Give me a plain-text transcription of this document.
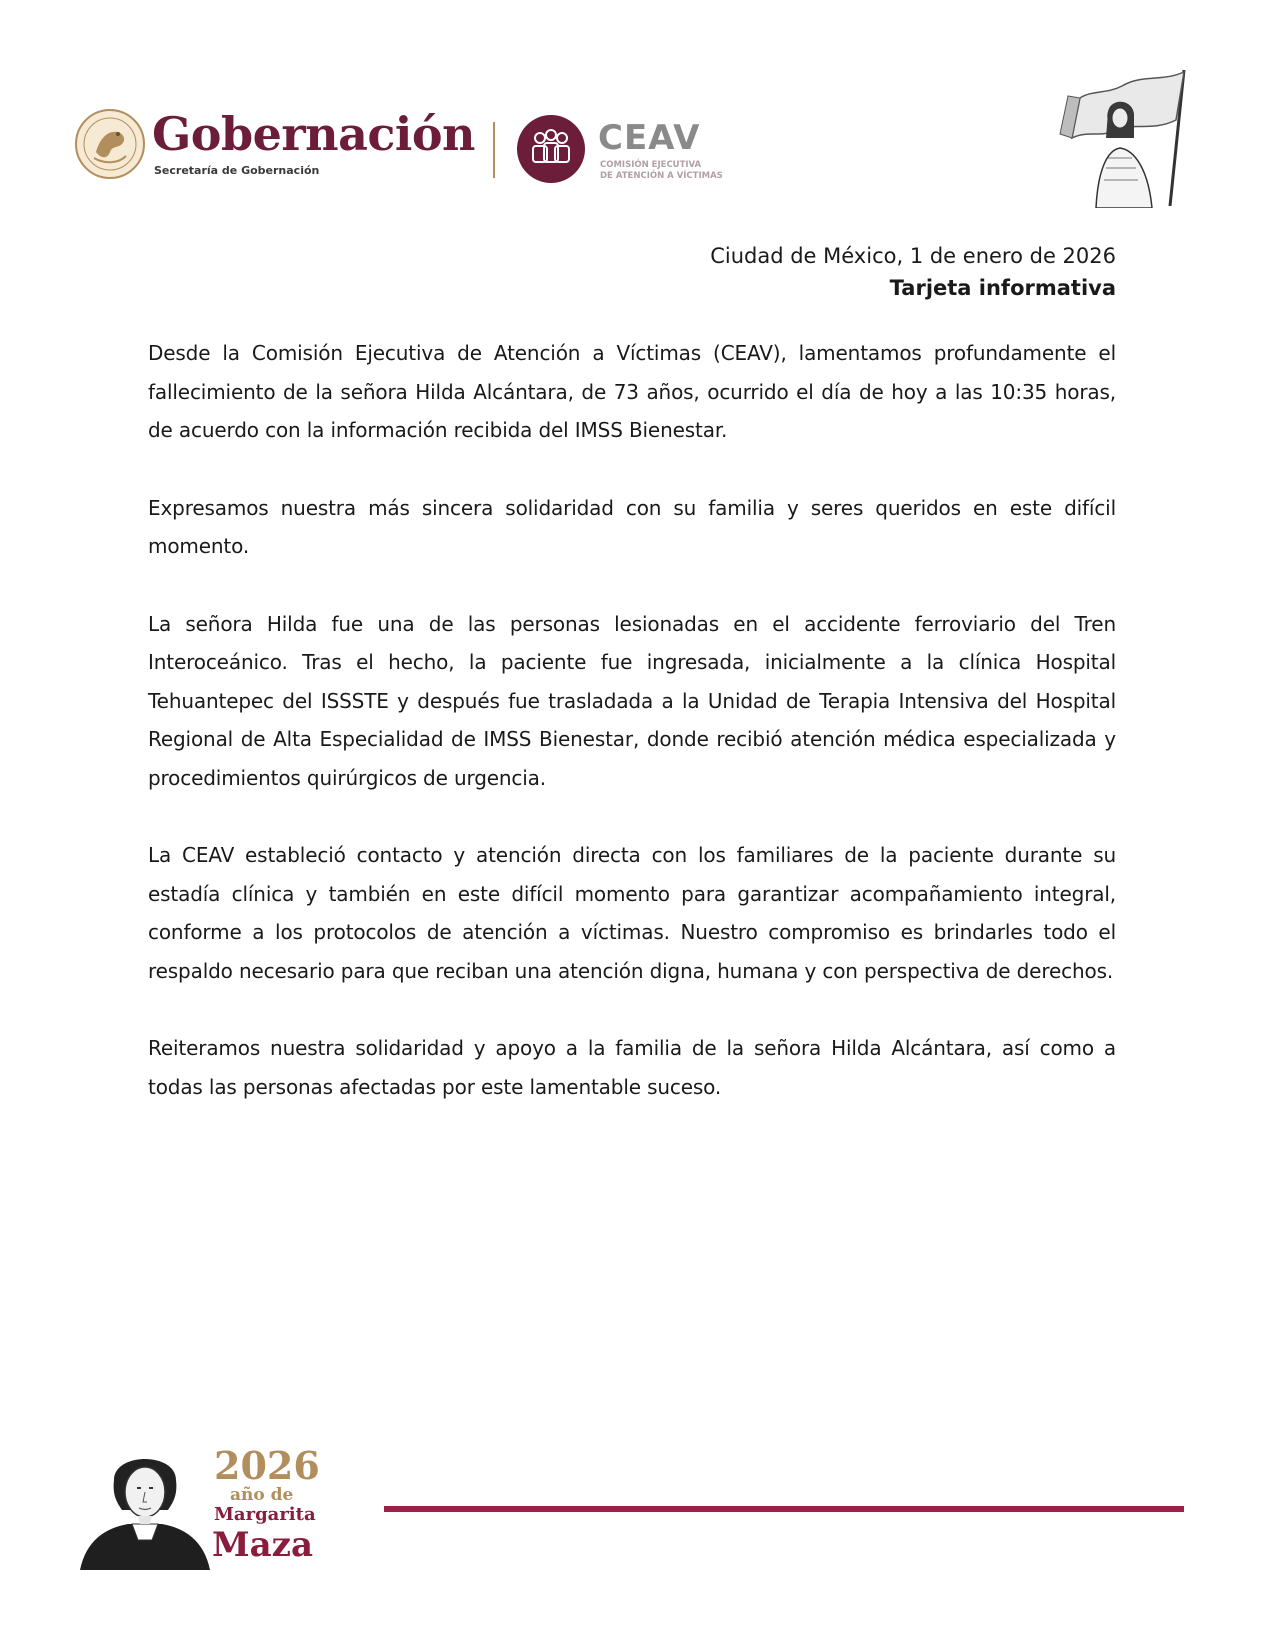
Gobernación
Secretaría de Gobernación
CEAV
COMISIÓN EJECUTIVA
DE ATENCIÓN A VÍCTIMAS
Ciudad de México, 1 de enero de 2026
Tarjeta informativa

Desde la Comisión Ejecutiva de Atención a Víctimas (CEAV), lamentamos profundamente el fallecimiento de la señora Hilda Alcántara, de 73 años, ocurrido el día de hoy a las 10:35 horas, de acuerdo con la información recibida del IMSS Bienestar.

Expresamos nuestra más sincera solidaridad con su familia y seres queridos en este difícil momento.

La señora Hilda fue una de las personas lesionadas en el accidente ferroviario del Tren Interoceánico. Tras el hecho, la paciente fue ingresada, inicialmente a la clínica Hospital Tehuantepec del ISSSTE y después fue trasladada a la Unidad de Terapia Intensiva del Hospital Regional de Alta Especialidad de IMSS Bienestar, donde recibió atención médica especializada y procedimientos quirúrgicos de urgencia.

La CEAV estableció contacto y atención directa con los familiares de la paciente durante su estadía clínica y también en este difícil momento para garantizar acompañamiento integral, conforme a los protocolos de atención a víctimas. Nuestro compromiso es brindarles todo el respaldo necesario para que reciban una atención digna, humana y con perspectiva de derechos.

Reiteramos nuestra solidaridad y apoyo a la familia de la señora Hilda Alcántara, así como a todas las personas afectadas por este lamentable suceso.

2026
año de
Margarita
Maza
